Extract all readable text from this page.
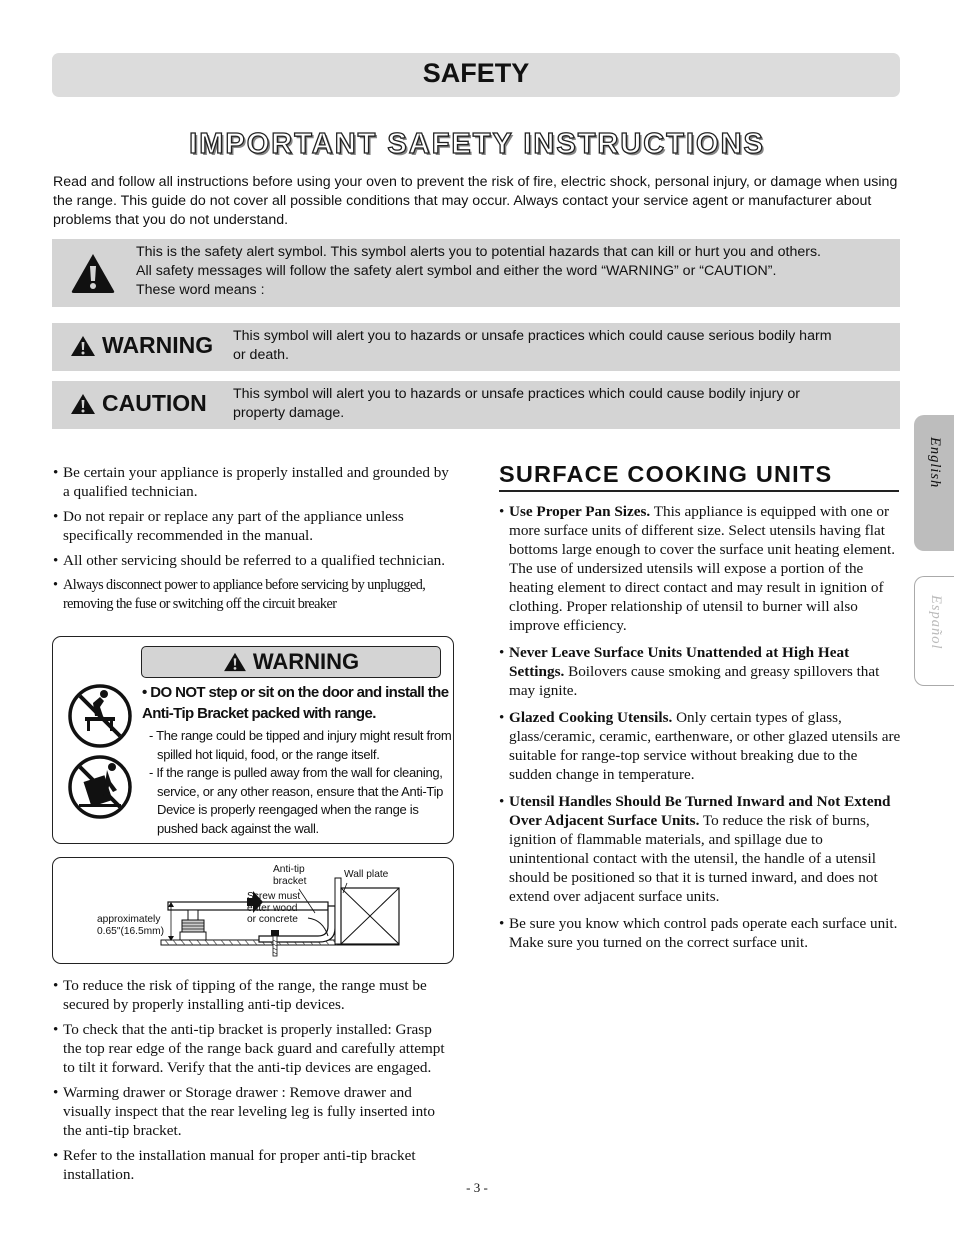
SAFETY
IMPORTANT SAFETY INSTRUCTIONS
Read and follow all instructions before using your oven to prevent the risk of fire, electric shock, personal injury, or damage when using the range. This guide do not cover all possible conditions that may occur. Always contact your service agent or manufacturer about problems that you do not understand.
This is the safety alert symbol. This symbol alerts you to potential hazards that can kill or hurt you and others.
All safety messages will follow the safety alert symbol and either the word “WARNING” or “CAUTION”.
These word means :
WARNING This symbol will alert you to hazards or unsafe practices which could cause serious bodily harm or death.
CAUTION This symbol will alert you to hazards or unsafe practices which could cause bodily injury or property damage.
• Be certain your appliance is properly installed and grounded by a qualified technician.
• Do not repair or replace any part of the appliance unless specifically recommended in the manual.
• All other servicing should be referred to a qualified technician.
• Always disconnect power to appliance before servicing by unplugged, removing the fuse or switching off the circuit breaker
WARNING
• DO NOT step or sit on the door and install the Anti-Tip Bracket packed with range.

- The range could be tipped and injury might result from spilled hot liquid, food, or the range itself.

- If the range is pulled away from the wall for cleaning, service, or any other reason, ensure that the Anti-Tip Device is properly reengaged when the range is pushed back against the wall.

Anti-tip
bracket
Wall plate
Screw must
enter wood
or concrete
approximately
0.65"(16.5mm)
• To reduce the risk of tipping of the range, the range must be secured by properly installing anti-tip devices.
• To check that the anti-tip bracket is properly installed: Grasp the top rear edge of the range back guard and carefully attempt to tilt it forward. Verify that the anti-tip devices are engaged.
• Warming drawer or Storage drawer : Remove drawer and visually inspect that the rear leveling leg is fully inserted into the anti-tip bracket.
• Refer to the installation manual for proper anti-tip bracket installation.
SURFACE COOKING UNITS
• Use Proper Pan Sizes. This appliance is equipped with one or more surface units of different size. Select utensils having flat bottoms large enough to cover the surface unit heating element.
The use of undersized utensils will expose a portion of the heating element to direct contact and may result in ignition of clothing. Proper relationship of utensil to burner will also improve efficiency.
• Never Leave Surface Units Unattended at High Heat Settings. Boilovers cause smoking and greasy spillovers that may ignite.
• Glazed Cooking Utensils. Only certain types of glass, glass/ceramic, ceramic, earthenware, or other glazed utensils are suitable for range-top service without breaking due to the sudden change in temperature.
• Utensil Handles Should Be Turned Inward and Not Extend Over Adjacent Surface Units. To reduce the risk of burns, ignition of flammable materials, and spillage due to unintentional contact with the utensil, the handle of a utensil should be positioned so that it is turned inward, and does not extend over adjacent surface units.
• Be sure you know which control pads operate each surface unit.
Make sure you turned on the correct surface unit.
English
Español
- 3 -
